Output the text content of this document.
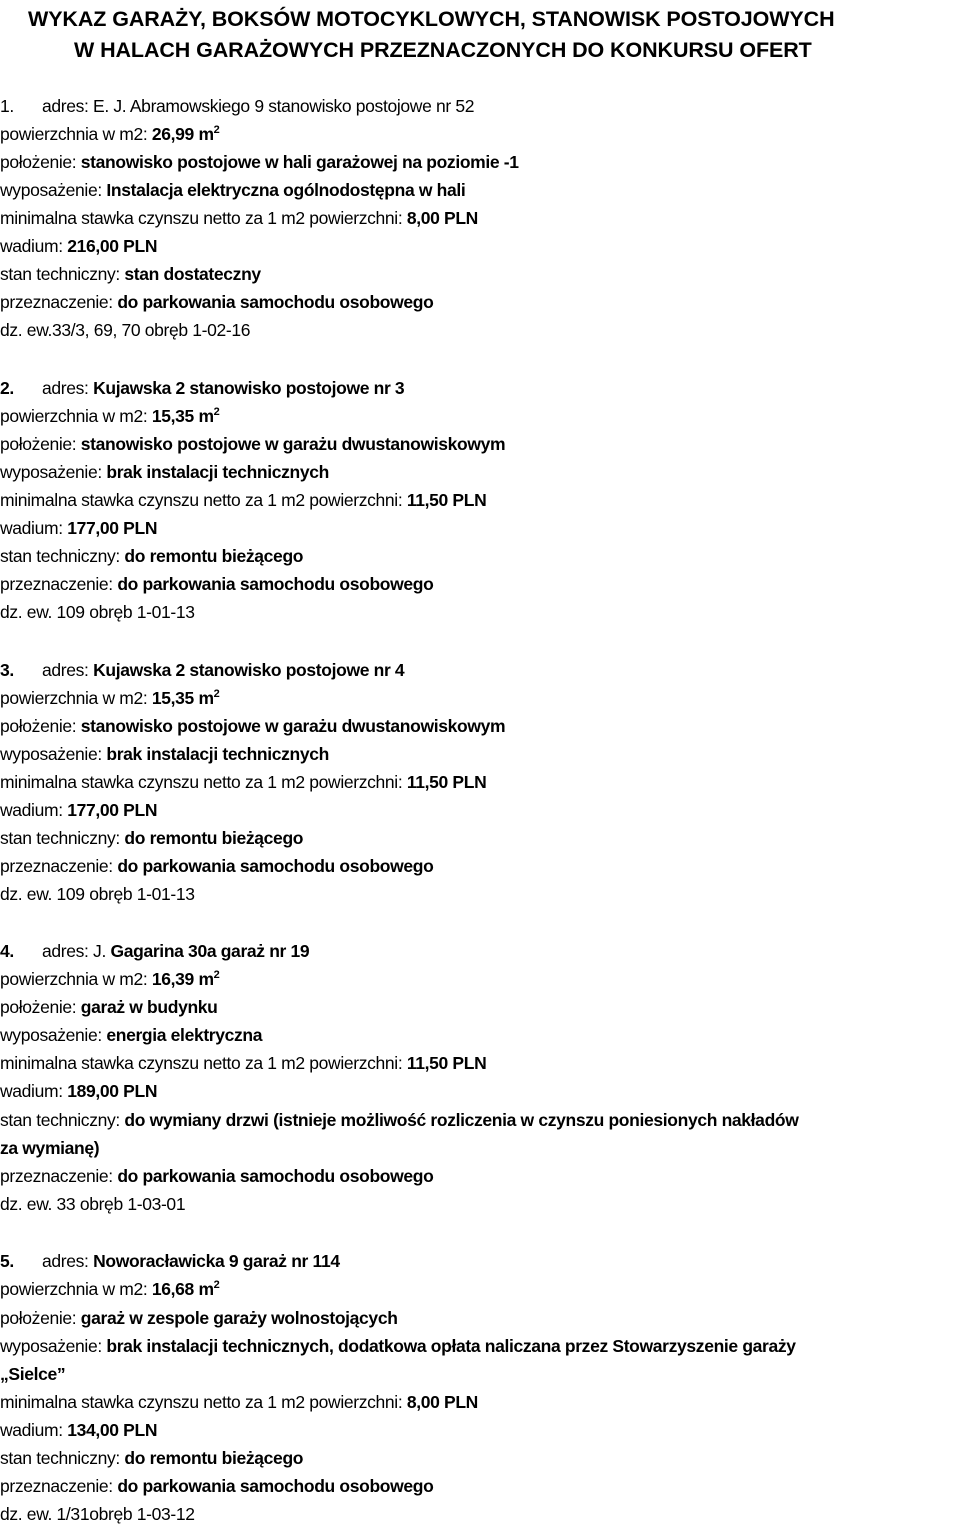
WYKAZ GARAŻY, BOKSÓW MOTOCYKLOWYCH, STANOWISK POSTOJOWYCH
W HALACH GARAŻOWYCH PRZEZNACZONYCH DO KONKURSU OFERT
1. adres: E. J. Abramowskiego 9 stanowisko postojowe nr 52
powierzchnia w m2: 26,99 $m^2$
położenie: stanowisko postojowe w hali garażowej na poziomie -1
wyposażenie: Instalacja elektryczna ogólnodostępna w hali
minimalna stawka czynszu netto za 1 m2 powierzchni: 8,00 PLN
wadium: 216,00 PLN
stan techniczny: stan dostateczny
przeznaczenie: do parkowania samochodu osobowego
dz. ew.33/3, 69, 70 obręb 1-02-16
2. adres: Kujawska 2 stanowisko postojowe nr 3
powierzchnia w m2: 15,35 $m^2$
położenie: stanowisko postojowe w garażu dwustanowiskowym
wyposażenie: brak instalacji technicznych
minimalna stawka czynszu netto za 1 m2 powierzchni: 11,50 PLN
wadium: 177,00 PLN
stan techniczny: do remontu bieżącego
przeznaczenie: do parkowania samochodu osobowego
dz. ew. 109 obręb 1-01-13
3. adres: Kujawska 2 stanowisko postojowe nr 4
powierzchnia w m2: 15,35 $m^2$
położenie: stanowisko postojowe w garażu dwustanowiskowym
wyposażenie: brak instalacji technicznych
minimalna stawka czynszu netto za 1 m2 powierzchni: 11,50 PLN
wadium: 177,00 PLN
stan techniczny: do remontu bieżącego
przeznaczenie: do parkowania samochodu osobowego
dz. ew. 109 obręb 1-01-13
4. adres: J. Gagarina 30a garaż nr 19
powierzchnia w m2: 16,39 $m^2$
położenie: garaż w budynku
wyposażenie: energia elektryczna
minimalna stawka czynszu netto za 1 m2 powierzchni: 11,50 PLN
wadium: 189,00 PLN
stan techniczny: do wymiany drzwi (istnieje możliwość rozliczenia w czynszu poniesionych nakładów
za wymianę)
przeznaczenie: do parkowania samochodu osobowego
dz. ew. 33 obręb 1-03-01
5. adres: Noworacławicka 9 garaż nr 114
powierzchnia w m2: 16,68 $m^2$
położenie: garaż w zespole garaży wolnostojących
wyposażenie: brak instalacji technicznych, dodatkowa opłata naliczana przez Stowarzyszenie garaży
„Sielce”
minimalna stawka czynszu netto za 1 m2 powierzchni: 8,00 PLN
wadium: 134,00 PLN
stan techniczny: do remontu bieżącego
przeznaczenie: do parkowania samochodu osobowego
dz. ew. 1/31obręb 1-03-12
